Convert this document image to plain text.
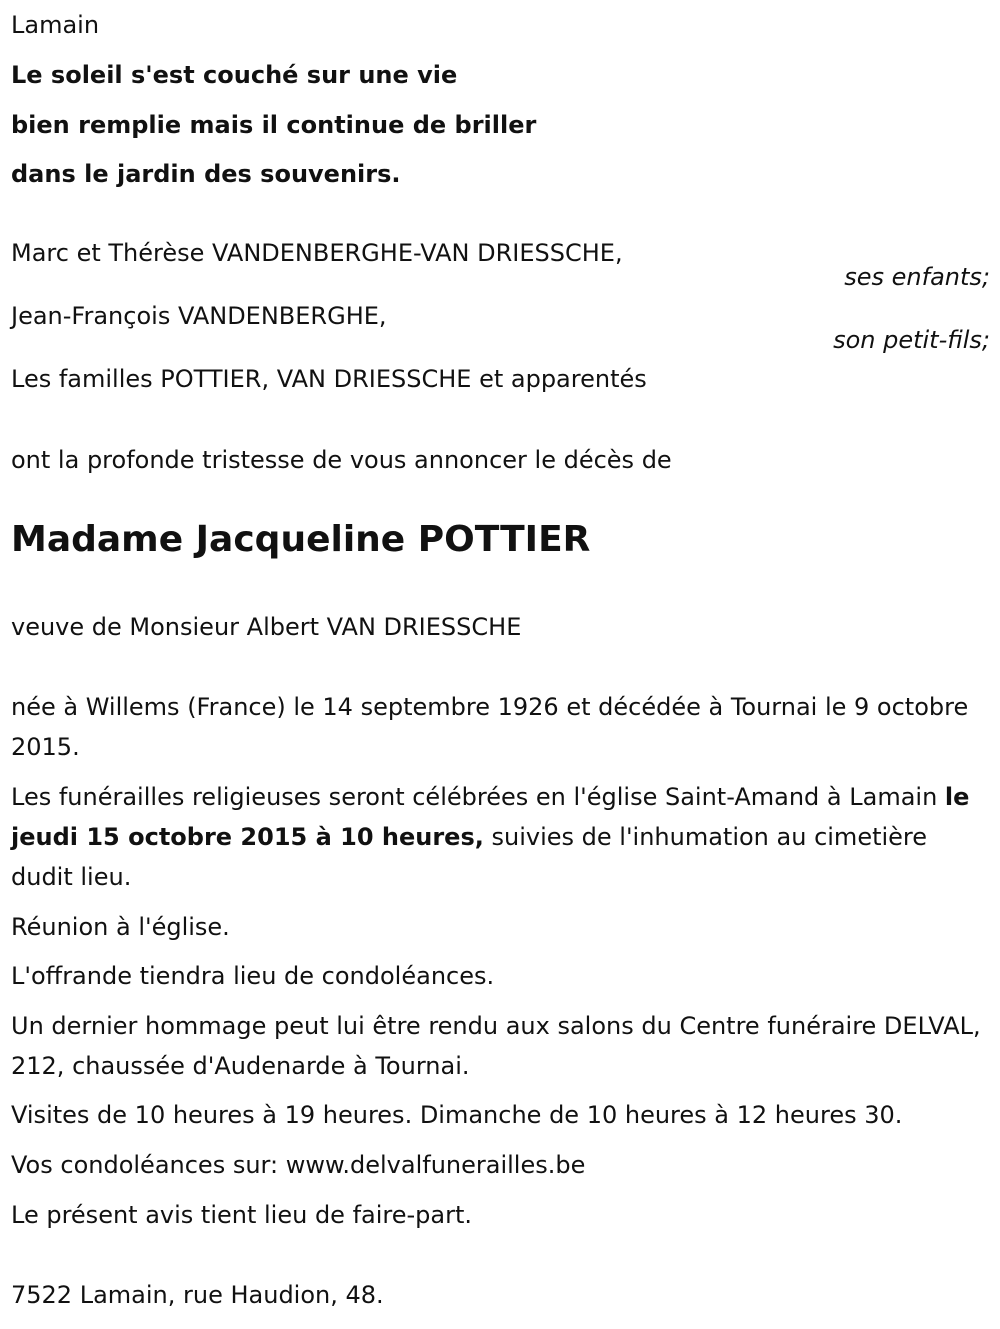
Lamain
Le soleil s'est couché sur une vie
bien remplie mais il continue de briller
dans le jardin des souvenirs.
Marc et Thérèse VANDENBERGHE-VAN DRIESSCHE,
ses enfants;
Jean-François VANDENBERGHE,
son petit-fils;
Les familles POTTIER, VAN DRIESSCHE et apparentés
ont la profonde tristesse de vous annoncer le décès de
Madame Jacqueline POTTIER
veuve de Monsieur Albert VAN DRIESSCHE

née à Willems (France) le 14 septembre 1926 et décédée à Tournai le 9 octobre 2015.

Les funérailles religieuses seront célébrées en l'église Saint-Amand à Lamain le jeudi 15 octobre 2015 à 10 heures, suivies de l'inhumation au cimetière dudit lieu.

Réunion à l'église.
L'offrande tiendra lieu de condoléances.

Un dernier hommage peut lui être rendu aux salons du Centre funéraire DELVAL, 212, chaussée d'Audenarde à Tournai.

Visites de 10 heures à 19 heures. Dimanche de 10 heures à 12 heures 30.
Vos condoléances sur: www.delvalfunerailles.be
Le présent avis tient lieu de faire-part.
7522 Lamain, rue Haudion, 48.
